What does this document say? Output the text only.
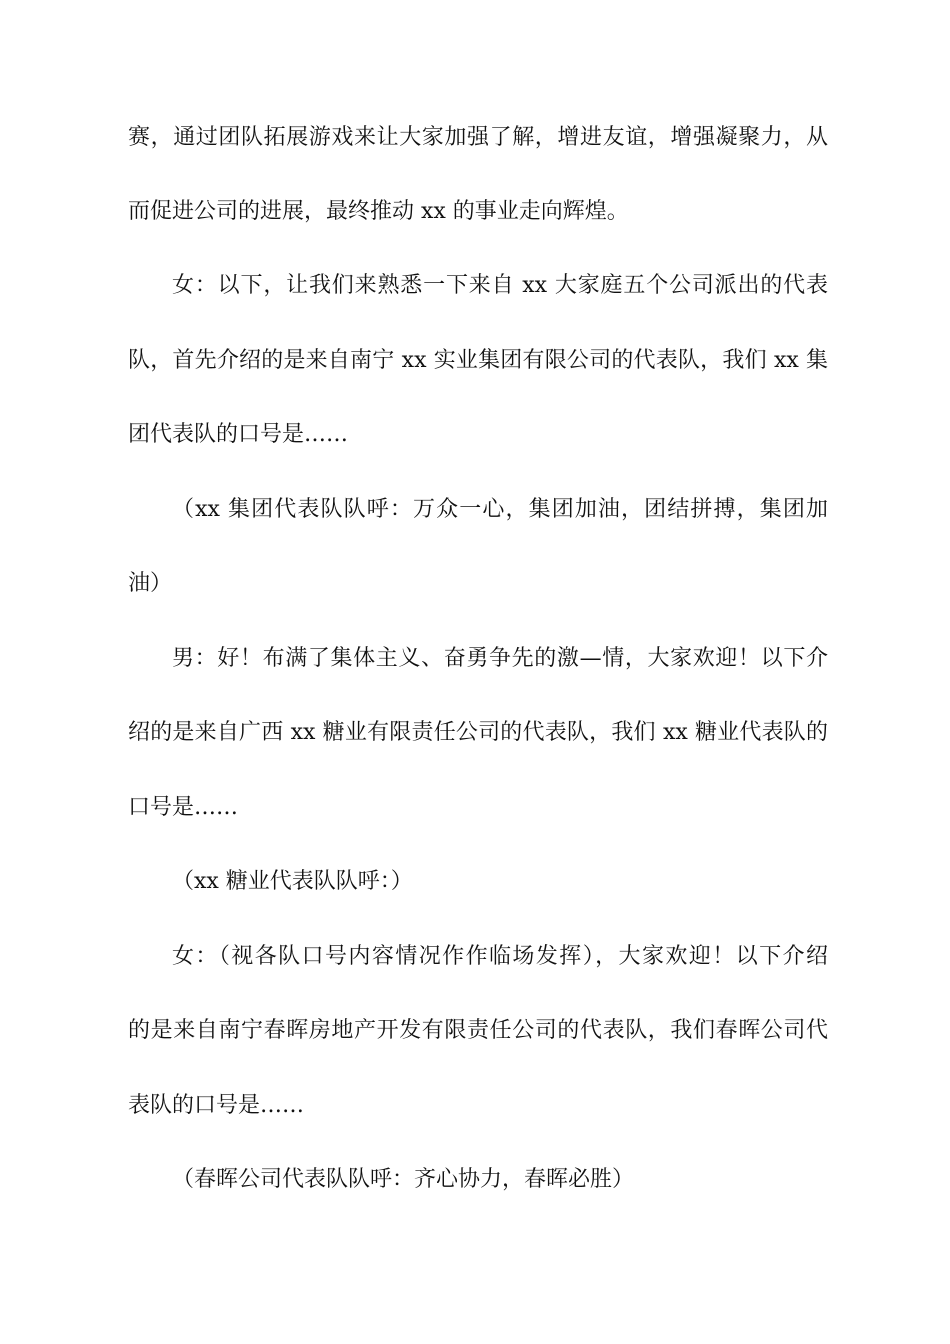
赛，通过团队拓展游戏来让大家加强了解，增进友谊，增强凝聚力，从
而促进公司的进展，最终推动 xx 的事业走向辉煌。
女：以下，让我们来熟悉一下来自 xx 大家庭五个公司派出的代表
队，首先介绍的是来自南宁 xx 实业集团有限公司的代表队，我们 xx 集
团代表队的口号是……
（xx 集团代表队队呼：万众一心，集团加油，团结拼搏，集团加
油）
男：好！布满了集体主义、奋勇争先的激—情，大家欢迎！以下介
绍的是来自广西 xx 糖业有限责任公司的代表队，我们 xx 糖业代表队的
口号是……
（xx 糖业代表队队呼：）
女：（视各队口号内容情况作作临场发挥），大家欢迎！以下介绍
的是来自南宁春晖房地产开发有限责任公司的代表队，我们春晖公司代
表队的口号是……
（春晖公司代表队队呼：齐心协力，春晖必胜）
